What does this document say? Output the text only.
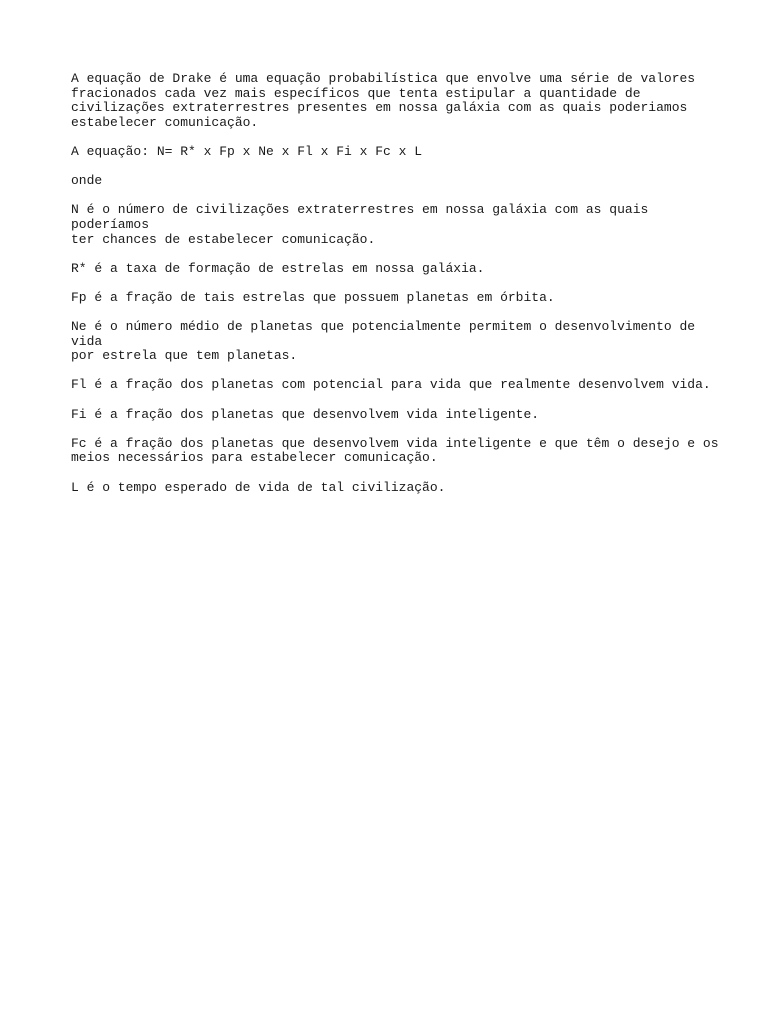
A equação de Drake é uma equação probabilística que envolve uma série de valores
fracionados cada vez mais específicos que tenta estipular a quantidade de
civilizações extraterrestres presentes em nossa galáxia com as quais poderiamos
estabelecer comunicação.

A equação: N= R* x Fp x Ne x Fl x Fi x Fc x L

onde

N é o número de civilizações extraterrestres em nossa galáxia com as quais
poderíamos
ter chances de estabelecer comunicação.

R* é a taxa de formação de estrelas em nossa galáxia.

Fp é a fração de tais estrelas que possuem planetas em órbita.

Ne é o número médio de planetas que potencialmente permitem o desenvolvimento de
vida
por estrela que tem planetas.

Fl é a fração dos planetas com potencial para vida que realmente desenvolvem vida.

Fi é a fração dos planetas que desenvolvem vida inteligente.

Fc é a fração dos planetas que desenvolvem vida inteligente e que têm o desejo e os
meios necessários para estabelecer comunicação.

L é o tempo esperado de vida de tal civilização.
